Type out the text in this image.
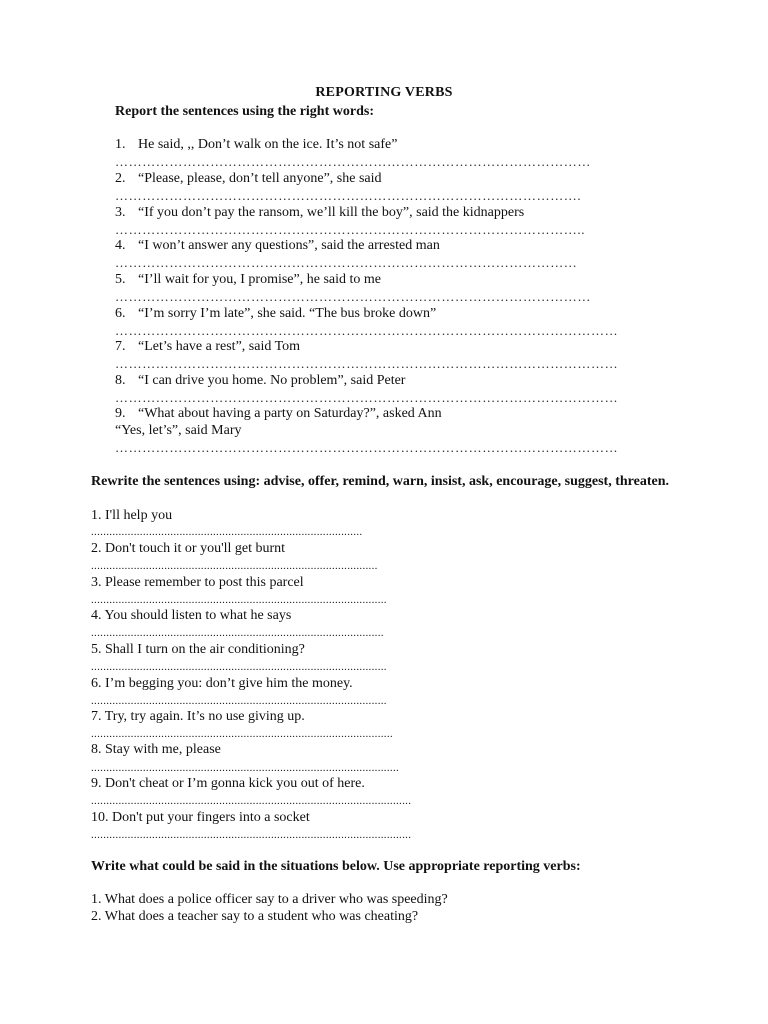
REPORTING VERBS
Report the sentences using the right words:
1. He said, ,, Don’t walk on the ice. It’s not safe”
……………………………………………………………………………………………
2. “Please, please, don’t tell anyone”, she said
………………………………………………………………………………………….
3. “If you don’t pay the ransom, we’ll kill the boy”, said the kidnappers
…………………………………………………………………………………………..
4. “I won’t answer any questions”, said the arrested man
…………………………………………………………………………………………
5. “I’ll wait for you, I promise”, he said to me
……………………………………………………………………………………………
6. “I’m sorry I’m late”, she said. “The bus broke down”
…………………………………………………………………………………………………
7. “Let’s have a rest”, said Tom
…………………………………………………………………………………………………
8. “I can drive you home. No problem”, said Peter
…………………………………………………………………………………………………
9. “What about having a party on Saturday?”, asked Ann
“Yes, let’s”, said Mary
…………………………………………………………………………………………………
Rewrite the sentences using: advise, offer, remind, warn, insist, ask, encourage, suggest, threaten.
1. I'll help you
.........................................................................................
2. Don't touch it or you'll get burnt
..............................................................................................
3. Please remember to post this parcel
.................................................................................................
4. You should listen to what he says
................................................................................................
5. Shall I turn on the air conditioning?
.................................................................................................
6. I’m begging you: don’t give him the money.
.................................................................................................
7. Try, try again. It’s no use giving up.
...................................................................................................
8. Stay with me, please
.....................................................................................................
9. Don't cheat or I’m gonna kick you out of here.
.........................................................................................................
10. Don't put your fingers into a socket
.........................................................................................................
Write what could be said in the situations below. Use appropriate reporting verbs:
1. What does a police officer say to a driver who was speeding?
2. What does a teacher say to a student who was cheating?
